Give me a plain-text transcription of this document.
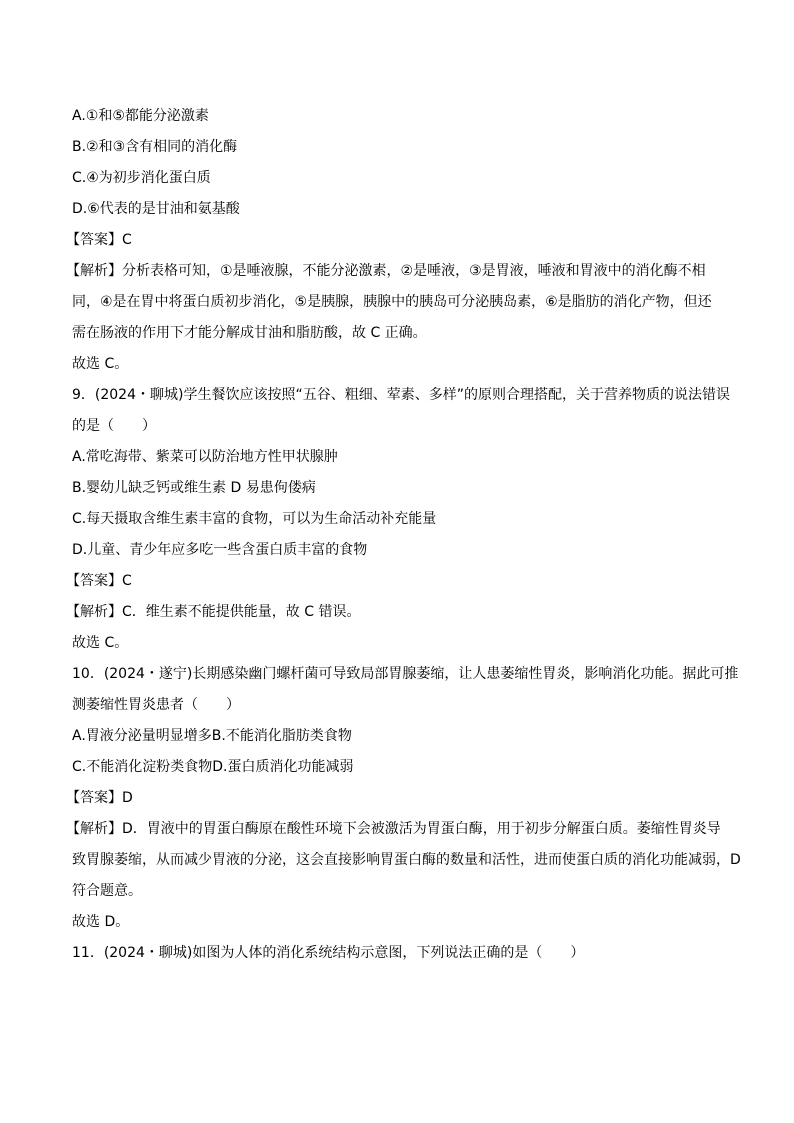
A.①和⑤都能分泌激素
B.②和③含有相同的消化酶
C.④为初步消化蛋白质
D.⑥代表的是甘油和氨基酸
【答案】C
【解析】分析表格可知，①是唾液腺，不能分泌激素，②是唾液，③是胃液，唾液和胃液中的消化酶不相
同，④是在胃中将蛋白质初步消化，⑤是胰腺，胰腺中的胰岛可分泌胰岛素，⑥是脂肪的消化产物，但还
需在肠液的作用下才能分解成甘油和脂肪酸，故 C 正确。
故选 C。
9．(2024・聊城)学生餐饮应该按照“五谷、粗细、荤素、多样”的原则合理搭配，关于营养物质的说法错误
的是（　　）
A.常吃海带、紫菜可以防治地方性甲状腺肿
B.婴幼儿缺乏钙或维生素 D 易患佝偻病
C.每天摄取含维生素丰富的食物，可以为生命活动补充能量
D.儿童、青少年应多吃一些含蛋白质丰富的食物
【答案】C
【解析】C．维生素不能提供能量，故 C 错误。
故选 C。
10．(2024・遂宁)长期感染幽门螺杆菌可导致局部胃腺萎缩，让人患萎缩性胃炎，影响消化功能。据此可推
测萎缩性胃炎患者（　　）
A.胃液分泌量明显增多B.不能消化脂肪类食物
C.不能消化淀粉类食物D.蛋白质消化功能减弱
【答案】D
【解析】D．胃液中的胃蛋白酶原在酸性环境下会被激活为胃蛋白酶，用于初步分解蛋白质。萎缩性胃炎导
致胃腺萎缩，从而减少胃液的分泌，这会直接影响胃蛋白酶的数量和活性，进而使蛋白质的消化功能减弱，D
符合题意。
故选 D。
11．(2024・聊城)如图为人体的消化系统结构示意图，下列说法正确的是（　　）
